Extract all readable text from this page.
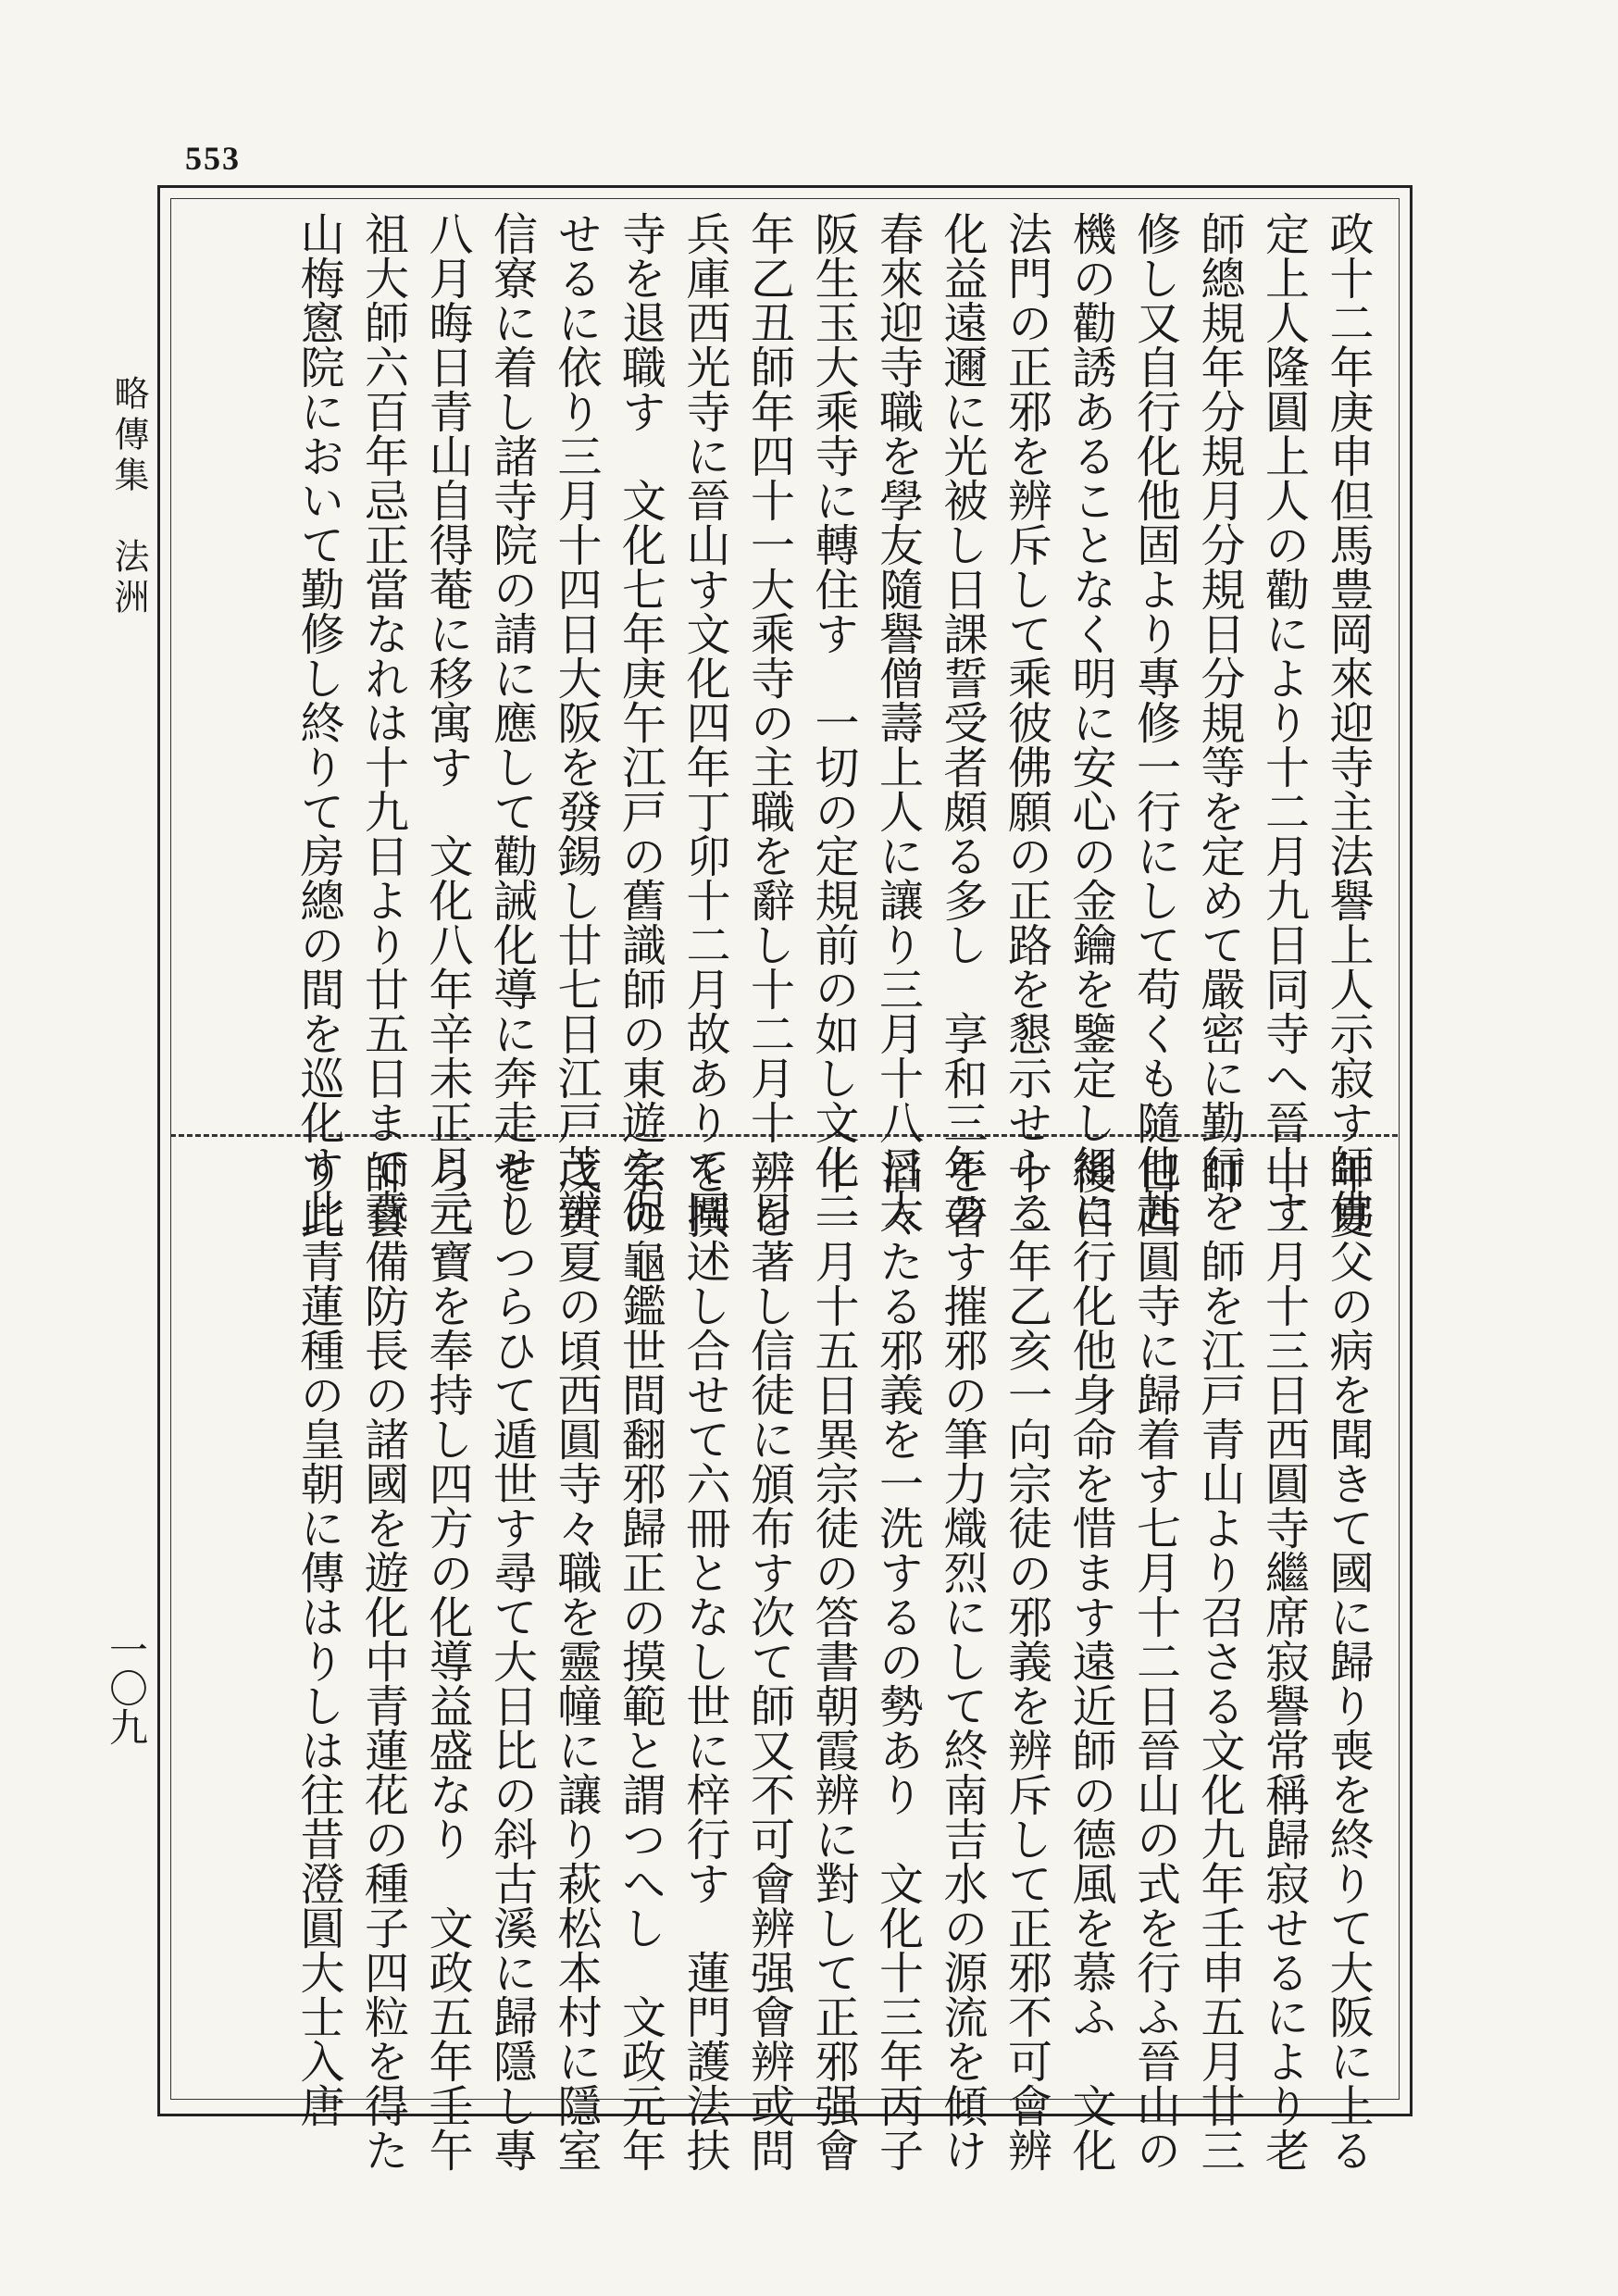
553
略傳集　法洲
一〇九
政十二年庚申但馬豊岡來迎寺主法譽上人示寂す師佛
定上人隆圓上人の勸により十二月九日同寺へ晉山す
師總規年分規月分規日分規等を定めて嚴密に勤行を
修し又自行化他固より專修一行にして苟くも隨他赴
機の勸誘あることなく明に安心の金鑰を鑒定し細に
法門の正邪を辨斥して乘彼佛願の正路を懇示せらる
化益遠邇に光被し日課誓受者頗る多し　享和三年の
春來迎寺職を學友隨譽僧壽上人に讓り三月十八日大
阪生玉大乘寺に轉住す　一切の定規前の如し文化二
年乙丑師年四十一大乘寺の主職を辭し十二月十二日
兵庫西光寺に晉山す文化四年丁卯十二月故ありて同
寺を退職す　文化七年庚午江戸の舊識師の東遊を促
せるに依り三月十四日大阪を發錫し廿七日江戸芝辨
信寮に着し諸寺院の請に應して勸誡化導に奔走せり
八月晦日青山自得菴に移寓す　文化八年辛未正月元
祖大師六百年忌正當なれは十九日より廿五日まで青
山梅窻院において勤修し終りて房總の間を巡化す此
年夏父の病を聞きて國に歸り喪を終りて大阪に上る
十二月十三日西圓寺繼席寂譽常稱歸寂せるにより老
師、師を江戸青山より召さる文化九年壬申五月廿三
日西圓寺に歸着す七月十二日晉山の式を行ふ晉山の
後自行化他身命を惜ます遠近師の德風を慕ふ　文化
十二年乙亥一向宗徒の邪義を辨斥して正邪不可會辨
を著す摧邪の筆力熾烈にして終南吉水の源流を傾け
滔々たる邪義を一洗するの勢あり　文化十三年丙子
十一月十五日異宗徒の答書朝霞辨に對して正邪强會
辨を著し信徒に頒布す次て師又不可會辨强會辨或問
を撰述し合せて六冊となし世に梓行す　蓮門護法扶
宗の龜鑑世間翻邪歸正の摸範と謂つへし　文政元年
戊寅夏の頃西圓寺々職を靈幢に讓り萩松本村に隱室
をしつらひて遁世す尋て大日比の斜古溪に歸隱し專
ら三寶を奉持し四方の化導益盛なり　文政五年壬午
師藝備防長の諸國を遊化中青蓮花の種子四粒を得た
り此青蓮種の皇朝に傳はりしは往昔澄圓大士入唐
